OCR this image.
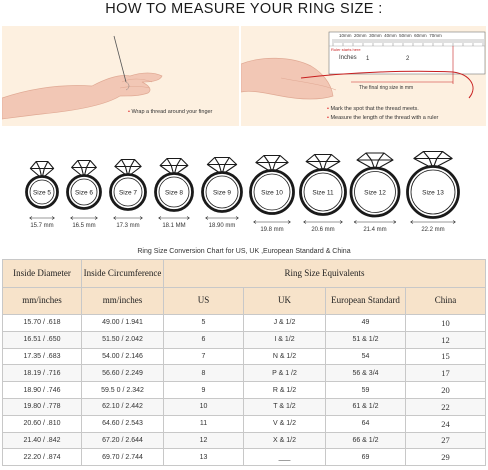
HOW TO MEASURE YOUR RING SIZE :
• Wrap a thread around your finger
10mm 20mm 30mm 40mm 50mm 60mm 70mm
Ruler starts here
Inches 1	2
The final ring size in mm
• Mark the spot that the thread meets.
• Measure the length of the thread with a ruler
Size 5
15.7 mm
Size 6
16.5 mm
Size 7
17.3 mm
Size 8
18.1 MM
Size 9
18.90 mm
Size 10
19.8 mm
Size 11
20.6 mm
Size 12
21.4 mm
Size 13
22.2 mm
Ring Size Conversion Chart for US, UK ,European Standard & China
Inside Diameter	Inside Circumference	Ring Size Equivalents			
mm/inches	mm/inches	US	UK	European Standard	China
15.70 / .618	49.00 / 1.941	5	J & 1/2	49	10
16.51 / .650	51.50 / 2.042	6	I & 1/2	51 & 1/2	12
17.35 / .683	54.00 / 2.146	7	N & 1/2	54	15
18.19 / .716	56.60 / 2.249	8	P & 1 /2	56 & 3/4	17
18.90 / .746	59.5 0 / 2.342	9	R & 1/2	59	20
19.80 / .778	62.10 / 2.442	10	T & 1/2	61 & 1/2	22
20.60 / .810	64.60 / 2.543	11	V & 1/2	64	24
21.40 / .842	67.20 / 2.644	12	X & 1/2	66 & 1/2	27
22.20 / .874	69.70 / 2.744	13	___	69	29
